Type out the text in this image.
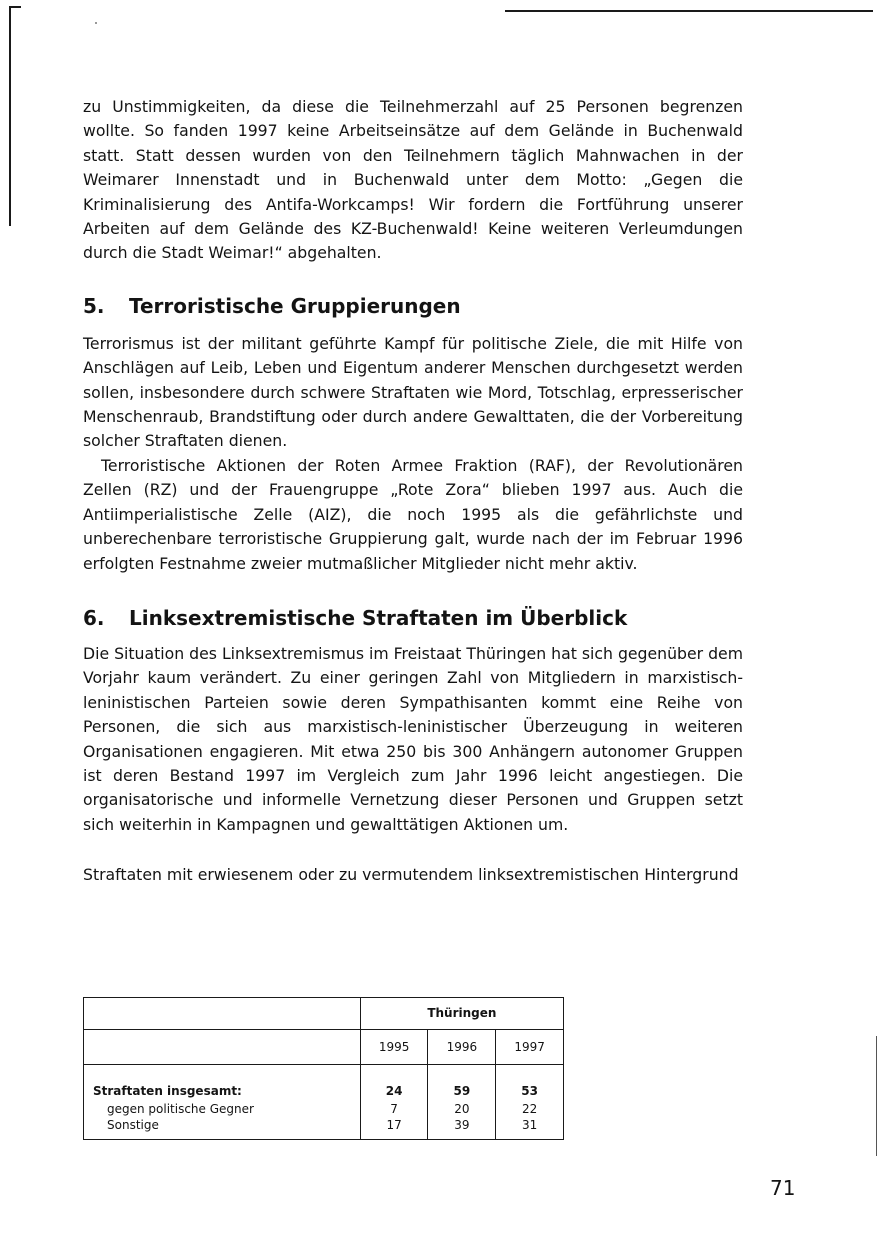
zu Unstimmigkeiten, da diese die Teilnehmerzahl auf 25 Personen begrenzen wollte. So fanden 1997 keine Arbeitseinsätze auf dem Gelände in Buchenwald statt. Statt dessen wurden von den Teilnehmern täglich Mahnwachen in der Weimarer Innenstadt und in Buchenwald unter dem Motto: „Gegen die Kriminalisierung des Antifa-Workcamps! Wir fordern die Fortführung unserer Arbeiten auf dem Gelände des KZ-Buchenwald! Keine weiteren Verleumdungen durch die Stadt Weimar!“ abgehalten.

5.	Terroristische Gruppierungen

Terrorismus ist der militant geführte Kampf für politische Ziele, die mit Hilfe von Anschlägen auf Leib, Leben und Eigentum anderer Menschen durchgesetzt werden sollen, insbesondere durch schwere Straftaten wie Mord, Totschlag, erpresserischer Menschenraub, Brandstiftung oder durch andere Gewalttaten, die der Vorbereitung solcher Straftaten dienen.

Terroristische Aktionen der Roten Armee Fraktion (RAF), der Revolutionären Zellen (RZ) und der Frauengruppe „Rote Zora“ blieben 1997 aus. Auch die Antiimperialistische Zelle (AIZ), die noch 1995 als die gefährlichste und unberechenbare terroristische Gruppierung galt, wurde nach der im Februar 1996 erfolgten Festnahme zweier mutmaßlicher Mitglieder nicht mehr aktiv.

6.	Linksextremistische Straftaten im Überblick

Die Situation des Linksextremismus im Freistaat Thüringen hat sich gegenüber dem Vorjahr kaum verändert. Zu einer geringen Zahl von Mitgliedern in marxistisch-leninistischen Parteien sowie deren Sympathisanten kommt eine Reihe von Personen, die sich aus marxistisch-leninistischer Überzeugung in weiteren Organisationen engagieren. Mit etwa 250 bis 300 Anhängern autonomer Gruppen ist deren Bestand 1997 im Vergleich zum Jahr 1996 leicht angestiegen. Die organisatorische und informelle Vernetzung dieser Personen und Gruppen setzt sich weiterhin in Kampagnen und gewalttätigen Aktionen um.

Straftaten mit erwiesenem oder zu vermutendem linksextremistischen Hintergrund

	Thüringen		
	1995	1996	1997
Straftaten insgesamt:	24	59	53
gegen politische Gegner	7	20	22
Sonstige	17	39	31
71
